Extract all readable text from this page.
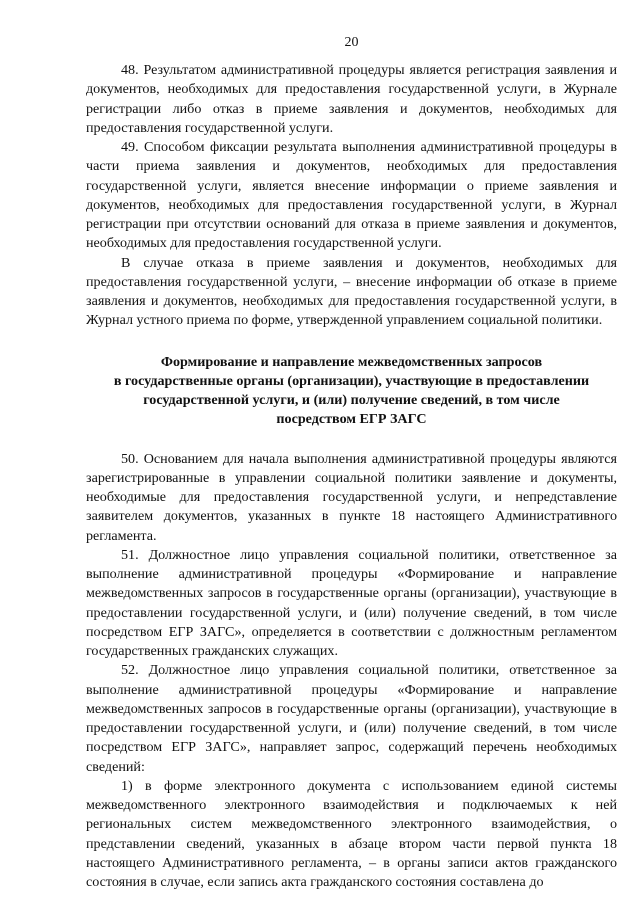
20

48. Результатом административной процедуры является регистрация заявления и документов, необходимых для предоставления государственной услуги, в Журнале регистрации либо отказ в приеме заявления и документов, необходимых для предоставления государственной услуги.

49. Способом фиксации результата выполнения административной процедуры в части приема заявления и документов, необходимых для предоставления государственной услуги, является внесение информации о приеме заявления и документов, необходимых для предоставления государственной услуги, в Журнал регистрации при отсутствии оснований для отказа в приеме заявления и документов, необходимых для предоставления государственной услуги.

В случае отказа в приеме заявления и документов, необходимых для предоставления государственной услуги, – внесение информации об отказе в приеме заявления и документов, необходимых для предоставления государственной услуги, в Журнал устного приема по форме, утвержденной управлением социальной политики.

Формирование и направление межведомственных запросов
в государственные органы (организации), участвующие в предоставлении
государственной услуги, и (или) получение сведений, в том числе
посредством ЕГР ЗАГС

50. Основанием для начала выполнения административной процедуры являются зарегистрированные в управлении социальной политики заявление и документы, необходимые для предоставления государственной услуги, и непредставление заявителем документов, указанных в пункте 18 настоящего Административного регламента.

51. Должностное лицо управления социальной политики, ответственное за выполнение административной процедуры «Формирование и направление межведомственных запросов в государственные органы (организации), участвующие в предоставлении государственной услуги, и (или) получение сведений, в том числе посредством ЕГР ЗАГС», определяется в соответствии с должностным регламентом государственных гражданских служащих.

52. Должностное лицо управления социальной политики, ответственное за выполнение административной процедуры «Формирование и направление межведомственных запросов в государственные органы (организации), участвующие в предоставлении государственной услуги, и (или) получение сведений, в том числе посредством ЕГР ЗАГС», направляет запрос, содержащий перечень необходимых сведений:

1) в форме электронного документа с использованием единой системы межведомственного электронного взаимодействия и подключаемых к ней региональных систем межведомственного электронного взаимодействия, о представлении сведений, указанных в абзаце втором части первой пункта 18 настоящего Административного регламента, – в органы записи актов гражданского состояния в случае, если запись акта гражданского состояния составлена до
